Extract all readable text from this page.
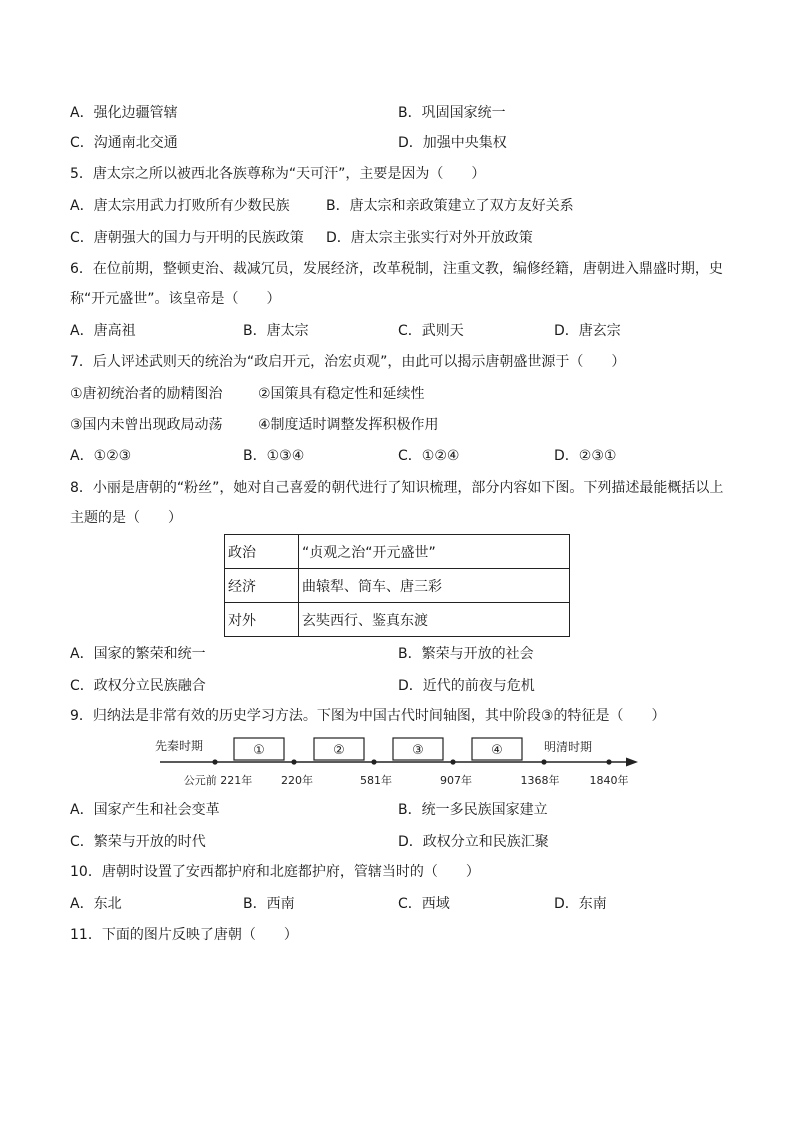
A．强化边疆管辖	B．巩固国家统一
C．沟通南北交通	D．加强中央集权
5．唐太宗之所以被西北各族尊称为“天可汗”，主要是因为（　　）
A．唐太宗用武力打败所有少数民族	B．唐太宗和亲政策建立了双方友好关系
C．唐朝强大的国力与开明的民族政策 D．唐太宗主张实行对外开放政策
6．在位前期，整顿吏治、裁减冗员，发展经济，改革税制，注重文教，编修经籍，唐朝进入鼎盛时期，史
称“开元盛世”。该皇帝是（　　）
A．唐高祖	B．唐太宗	C．武则天	D．唐玄宗
7．后人评述武则天的统治为“政启开元，治宏贞观”，由此可以揭示唐朝盛世源于（　　）
①唐初统治者的励精图治	②国策具有稳定性和延续性
③国内未曾出现政局动荡	④制度适时调整发挥积极作用
A．①②③	B．①③④	C．①②④	D．②③①
8．小丽是唐朝的“粉丝”，她对自己喜爱的朝代进行了知识梳理，部分内容如下图。下列描述最能概括以上
主题的是（　　）
政治	“贞观之治“开元盛世”
经济	曲辕犁、筒车、唐三彩
对外	玄奘西行、鉴真东渡
A．国家的繁荣和统一	B．繁荣与开放的社会
C．政权分立民族融合	D．近代的前夜与危机
9．归纳法是非常有效的历史学习方法。下图为中国古代时间轴图，其中阶段③的特征是（　　）
先秦时期	明清时期
①	②	③	④
公元前 221年	220年	581年	907年	1368年	1840年
A．国家产生和社会变革	B．统一多民族国家建立
C．繁荣与开放的时代	D．政权分立和民族汇聚
10．唐朝时设置了安西都护府和北庭都护府，管辖当时的（　　）
A．东北	B．西南	C．西域	D．东南
11．下面的图片反映了唐朝（　　）
